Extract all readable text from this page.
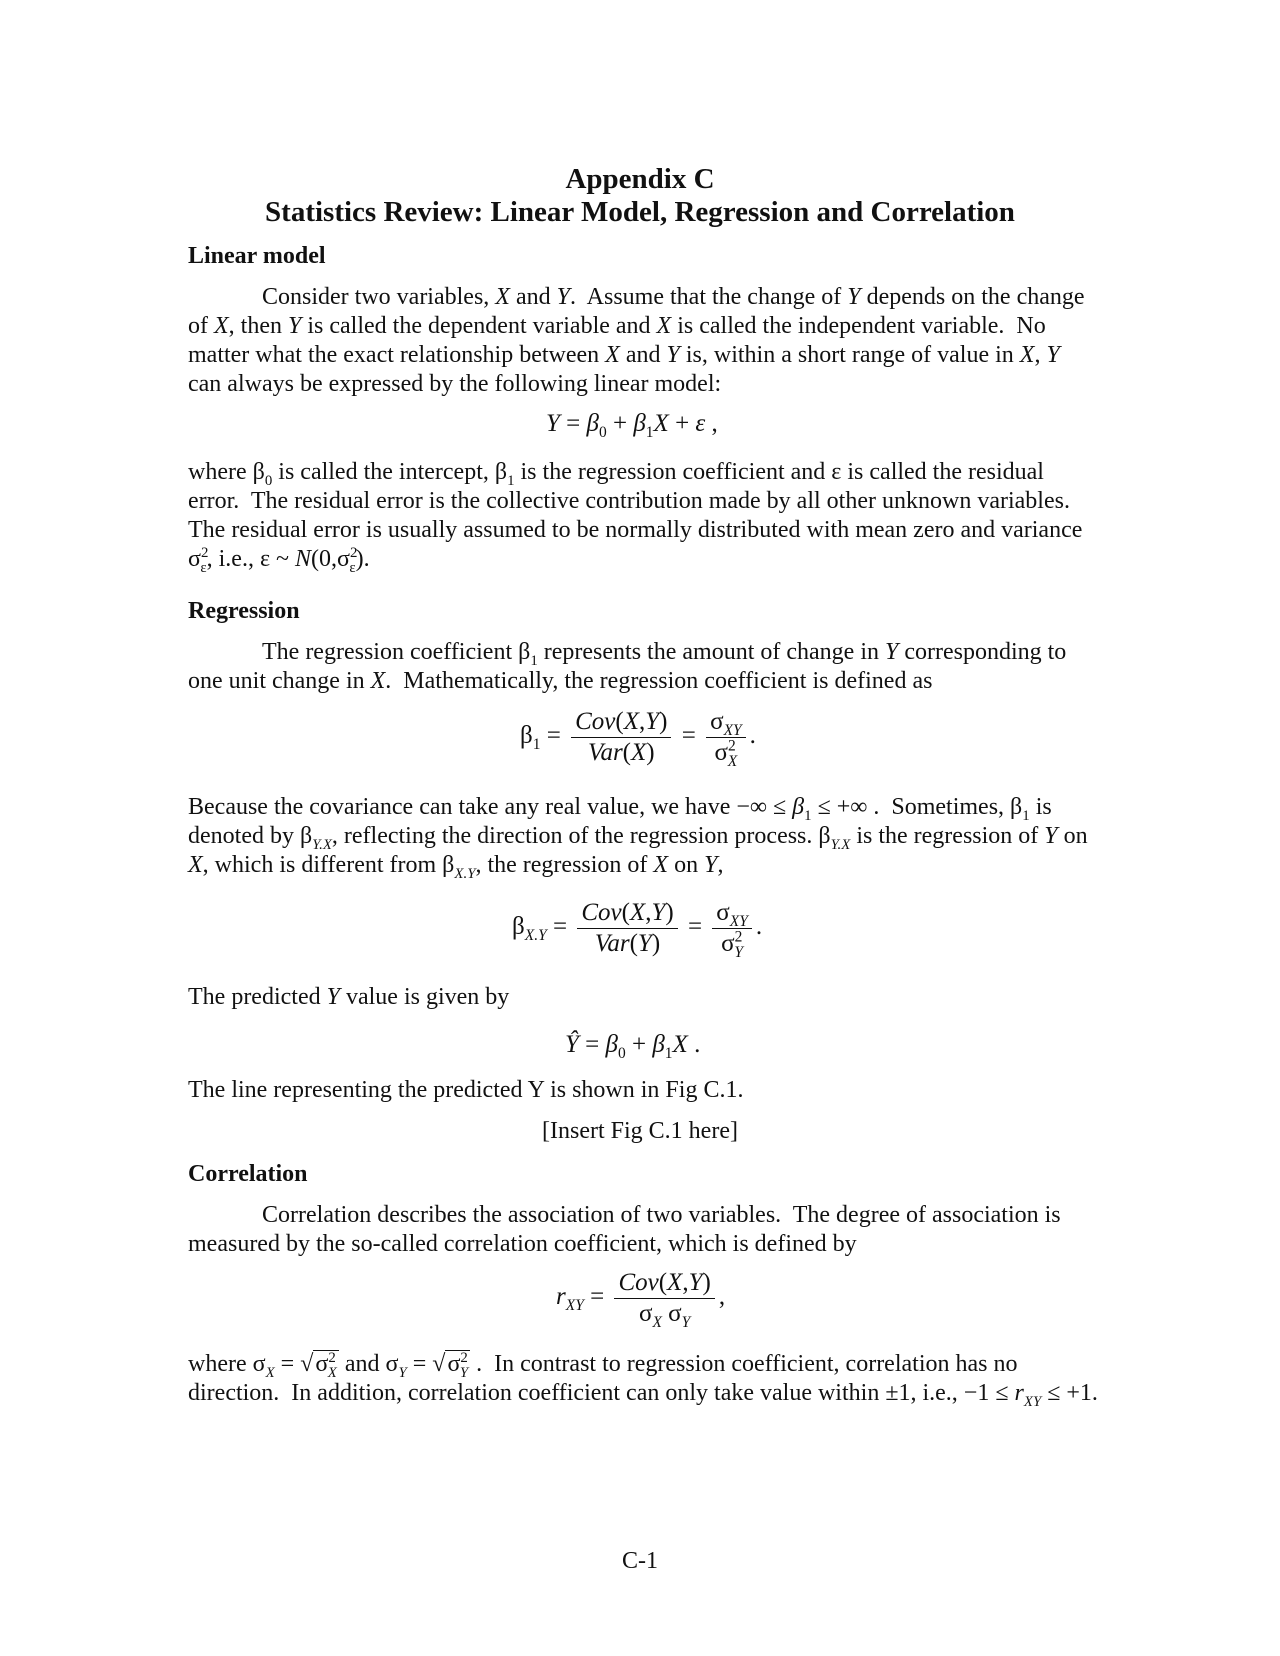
Appendix C
Statistics Review: Linear Model, Regression and Correlation
Linear model

Consider two variables, X and Y.  Assume that the change of Y depends on the change of X, then Y is called the dependent variable and X is called the independent variable.  No matter what the exact relationship between X and Y is, within a short range of value in X, Y can always be expressed by the following linear model:

$Y = \beta_0 + \beta_1X + \varepsilon$ ,

where $\beta_0$ is called the intercept, $\beta_1$ is the regression coefficient and ε is called the residual error.  The residual error is the collective contribution made by all other unknown variables.  The residual error is usually assumed to be normally distributed with mean zero and variance $\sigma^2_\varepsilon$, i.e., ε ~ $N(0,\sigma^2_\varepsilon)$.

Regression

The regression coefficient $\beta_1$ represents the amount of change in Y corresponding to one unit change in X.  Mathematically, the regression coefficient is defined as

$\beta_1 = \frac{\text{Cov(X,Y)}}{\text{Var(X)}} = \frac{\sigma_{XY}}{\sigma^2_X}$ .

Because the covariance can take any real value, we have −∞ ≤ $\beta_1$ ≤ +∞ .  Sometimes, $\beta_1$ is denoted by $\beta_{Y.X}$, reflecting the direction of the regression process. $\beta_{Y.X}$ is the regression of Y on X, which is different from $\beta_{X.Y}$, the regression of X on Y,

$\beta_{X.Y} = \frac{\text{Cov(X,Y)}}{\text{Var(Y)}} = \frac{\sigma_{XY}}{\sigma^2_Y}$ .

The predicted Y value is given by

Ŷ = $\beta_0 + \beta_1X$ .

The line representing the predicted Y is shown in Fig C.1.

[Insert Fig C.1 here]
Correlation

Correlation describes the association of two variables.  The degree of association is measured by the so-called correlation coefficient, which is defined by

$r_{XY} = \frac{\text{Cov(X,Y)}}{\sigma_X \sigma_Y}$ ,

where $\sigma_X = √\sigma^2_X$ and $\sigma_Y = √\sigma^2_Y$ .  In contrast to regression coefficient, correlation has no direction.  In addition, correlation coefficient can only take value within ±1, i.e., $-1 \le r_{XY} \le +1$.

C-1
